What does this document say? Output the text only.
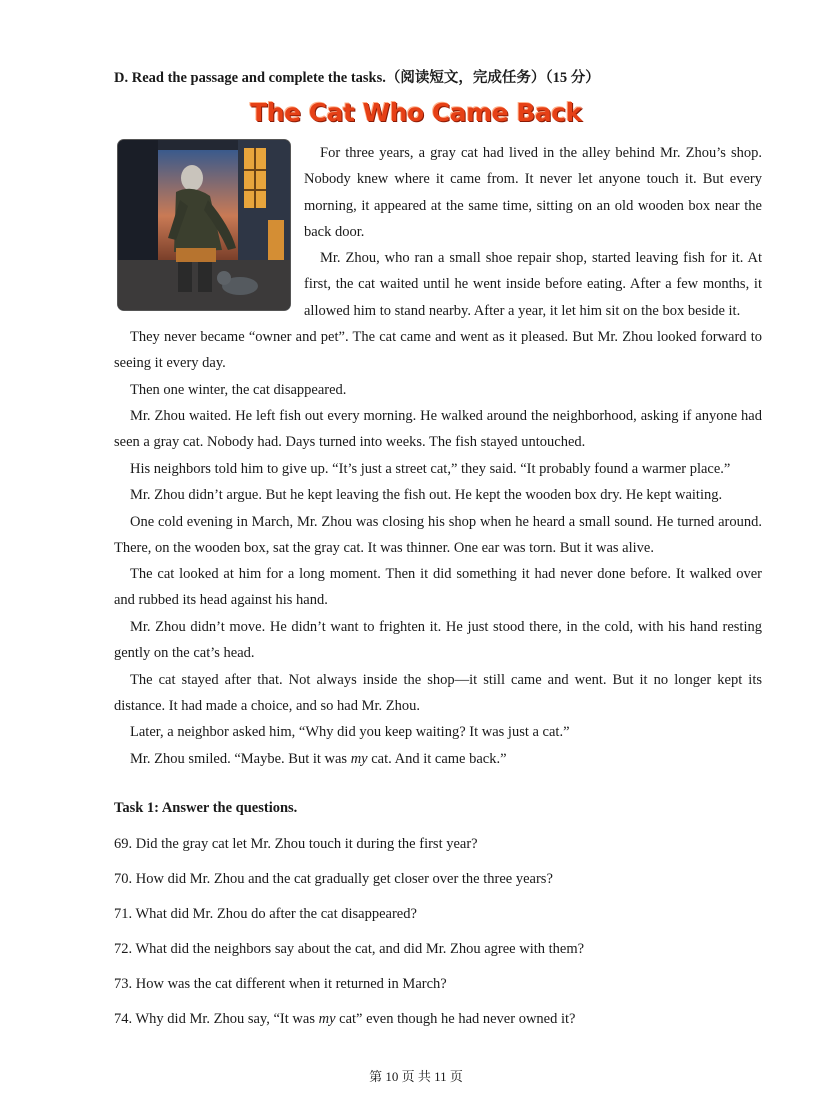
D. Read the passage and complete the tasks.（阅读短文，完成任务）（15 分）
The Cat Who Came Back

For three years, a gray cat had lived in the alley behind Mr. Zhou’s shop. Nobody knew where it came from. It never let anyone touch it. But every morning, it appeared at the same time, sitting on an old wooden box near the back door.

Mr. Zhou, who ran a small shoe repair shop, started leaving fish for it. At first, the cat waited until he went inside before eating. After a few months, it allowed him to stand nearby. After a year, it let him sit on the box beside it.

They never became “owner and pet”. The cat came and went as it pleased. But Mr. Zhou looked forward to seeing it every day.

Then one winter, the cat disappeared.

Mr. Zhou waited. He left fish out every morning. He walked around the neighborhood, asking if anyone had seen a gray cat. Nobody had. Days turned into weeks. The fish stayed untouched.

His neighbors told him to give up. “It’s just a street cat,” they said. “It probably found a warmer place.”

Mr. Zhou didn’t argue. But he kept leaving the fish out. He kept the wooden box dry. He kept waiting.

One cold evening in March, Mr. Zhou was closing his shop when he heard a small sound. He turned around. There, on the wooden box, sat the gray cat. It was thinner. One ear was torn. But it was alive.

The cat looked at him for a long moment. Then it did something it had never done before. It walked over and rubbed its head against his hand.

Mr. Zhou didn’t move. He didn’t want to frighten it. He just stood there, in the cold, with his hand resting gently on the cat’s head.

The cat stayed after that. Not always inside the shop—it still came and went. But it no longer kept its distance. It had made a choice, and so had Mr. Zhou.

Later, a neighbor asked him, “Why did you keep waiting? It was just a cat.”

Mr. Zhou smiled. “Maybe. But it was my cat. And it came back.”

Task 1: Answer the questions.
69. Did the gray cat let Mr. Zhou touch it during the first year?
70. How did Mr. Zhou and the cat gradually get closer over the three years?
71. What did Mr. Zhou do after the cat disappeared?
72. What did the neighbors say about the cat, and did Mr. Zhou agree with them?
73. How was the cat different when it returned in March?
74. Why did Mr. Zhou say, “It was my cat” even though he had never owned it?
第 10 页 共 11 页
